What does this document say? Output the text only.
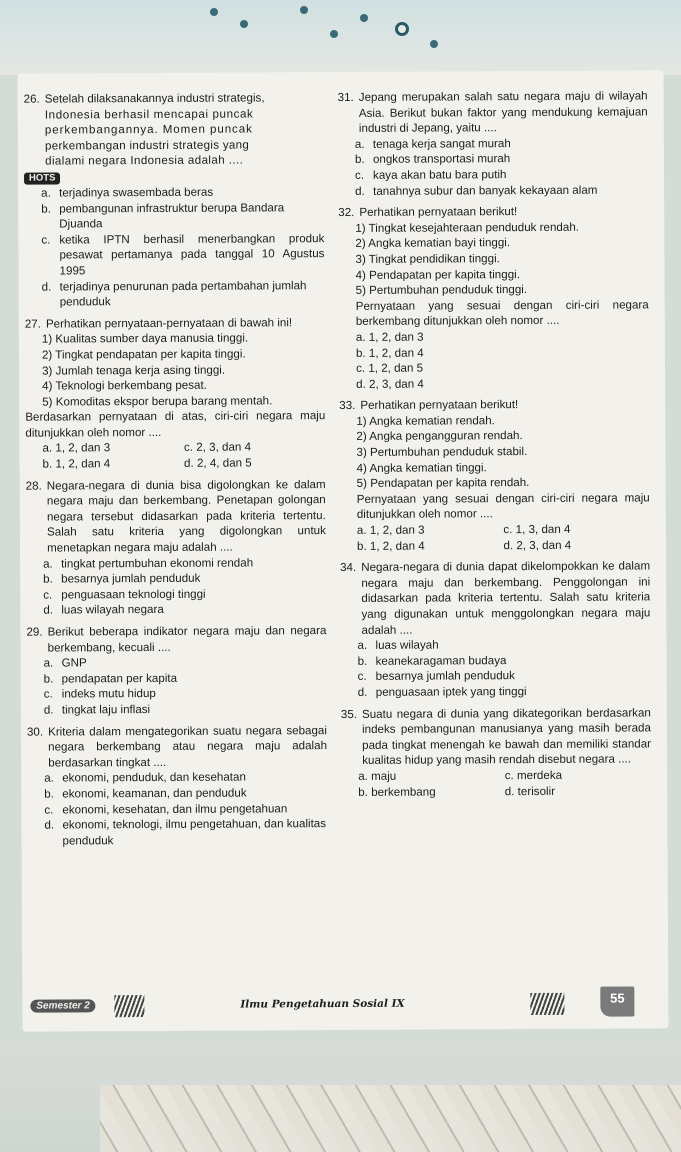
26. Setelah dilaksanakannya industri strategis,
Indonesia berhasil mencapai puncak
perkembangannya. Momen puncak
perkembangan industri strategis yang
dialami negara Indonesia adalah ....
HOTS
a. terjadinya swasembada beras
b. pembangunan infrastruktur berupa Bandara Djuanda
c. ketika IPTN berhasil menerbangkan produk pesawat pertamanya pada tanggal 10 Agustus 1995
d. terjadinya penurunan pada pertambahan jumlah penduduk
27. Perhatikan pernyataan-pernyataan di bawah ini!
1) Kualitas sumber daya manusia tinggi.
2) Tingkat pendapatan per kapita tinggi.
3) Jumlah tenaga kerja asing tinggi.
4) Teknologi berkembang pesat.
5) Komoditas ekspor berupa barang mentah.
Berdasarkan pernyataan di atas, ciri-ciri negara maju ditunjukkan oleh nomor ....
a. 1, 2, dan 3	c. 2, 3, dan 4
b. 1, 2, dan 4	d. 2, 4, dan 5
28. Negara-negara di dunia bisa digolongkan ke dalam negara maju dan berkembang. Penetapan golongan negara tersebut didasarkan pada kriteria tertentu. Salah satu kriteria yang digolongkan untuk menetapkan negara maju adalah ....
a. tingkat pertumbuhan ekonomi rendah
b. besarnya jumlah penduduk
c. penguasaan teknologi tinggi
d. luas wilayah negara
29. Berikut beberapa indikator negara maju dan negara berkembang, kecuali ....
a. GNP
b. pendapatan per kapita
c. indeks mutu hidup
d. tingkat laju inflasi
30. Kriteria dalam mengategorikan suatu negara sebagai negara berkembang atau negara maju adalah berdasarkan tingkat ....
a. ekonomi, penduduk, dan kesehatan
b. ekonomi, keamanan, dan penduduk
c. ekonomi, kesehatan, dan ilmu pengetahuan
d. ekonomi, teknologi, ilmu pengetahuan, dan kualitas penduduk
31. Jepang merupakan salah satu negara maju di wilayah Asia. Berikut bukan faktor yang mendukung kemajuan industri di Jepang, yaitu ....
a. tenaga kerja sangat murah
b. ongkos transportasi murah
c. kaya akan batu bara putih
d. tanahnya subur dan banyak kekayaan alam
32. Perhatikan pernyataan berikut!
1) Tingkat kesejahteraan penduduk rendah.
2) Angka kematian bayi tinggi.
3) Tingkat pendidikan tinggi.
4) Pendapatan per kapita tinggi.
5) Pertumbuhan penduduk tinggi.
Pernyataan yang sesuai dengan ciri-ciri negara berkembang ditunjukkan oleh nomor ....
a. 1, 2, dan 3
b. 1, 2, dan 4
c. 1, 2, dan 5
d. 2, 3, dan 4
33. Perhatikan pernyataan berikut!
1) Angka kematian rendah.
2) Angka pengangguran rendah.
3) Pertumbuhan penduduk stabil.
4) Angka kematian tinggi.
5) Pendapatan per kapita rendah.
Pernyataan yang sesuai dengan ciri-ciri negara maju ditunjukkan oleh nomor ....
a. 1, 2, dan 3	c. 1, 3, dan 4
b. 1, 2, dan 4	d. 2, 3, dan 4
34. Negara-negara di dunia dapat dikelompokkan ke dalam negara maju dan berkembang. Penggolongan ini didasarkan pada kriteria tertentu. Salah satu kriteria yang digunakan untuk menggolongkan negara maju adalah ....
a. luas wilayah
b. keanekaragaman budaya
c. besarnya jumlah penduduk
d. penguasaan iptek yang tinggi
35. Suatu negara di dunia yang dikategorikan berdasarkan indeks pembangunan manusianya yang masih berada pada tingkat menengah ke bawah dan memiliki standar kualitas hidup yang masih rendah disebut negara ....
a. maju	c. merdeka
b. berkembang	d. terisolir
Semester 2	Ilmu Pengetahuan Sosial IX	55
